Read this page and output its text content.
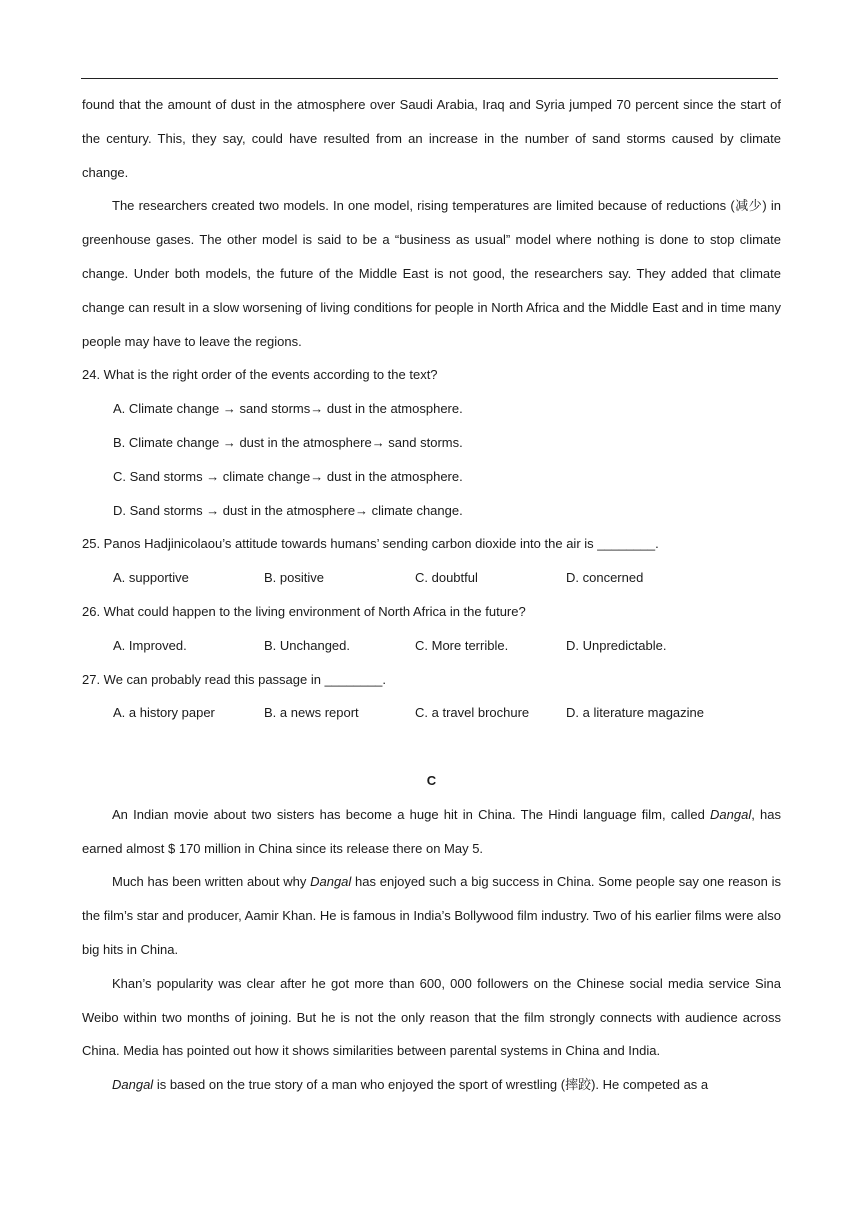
found that the amount of dust in the atmosphere over Saudi Arabia, Iraq and Syria jumped 70 percent since the start of the century. This, they say, could have resulted from an increase in the number of sand storms caused by climate change.

The researchers created two models. In one model, rising temperatures are limited because of reductions (减少) in greenhouse gases. The other model is said to be a “business as usual” model where nothing is done to stop climate change. Under both models, the future of the Middle East is not good, the researchers say. They added that climate change can result in a slow worsening of living conditions for people in North Africa and the Middle East and in time many people may have to leave the regions.

24. What is the right order of the events according to the text?

A. Climate change → sand storms→ dust in the atmosphere.

B. Climate change → dust in the atmosphere→ sand storms.

C. Sand storms → climate change→ dust in the atmosphere.

D. Sand storms → dust in the atmosphere→ climate change.

25. Panos Hadjinicolaou’s attitude towards humans’ sending carbon dioxide into the air is ________.

A. supportive	B. positive	C. doubtful	D. concerned

26. What could happen to the living environment of North Africa in the future?

A. Improved.	B. Unchanged.	C. More terrible.	D. Unpredictable.

27. We can probably read this passage in ________.

A. a history paper	B. a news report	C. a travel brochure	D. a literature magazine

C

An Indian movie about two sisters has become a huge hit in China. The Hindi language film, called Dangal, has earned almost $ 170 million in China since its release there on May 5.

Much has been written about why Dangal has enjoyed such a big success in China. Some people say one reason is the film’s star and producer, Aamir Khan. He is famous in India’s Bollywood film industry. Two of his earlier films were also big hits in China.

Khan’s popularity was clear after he got more than 600, 000 followers on the Chinese social media service Sina Weibo within two months of joining. But he is not the only reason that the film strongly connects with audience across China. Media has pointed out how it shows similarities between parental systems in China and India.

Dangal is based on the true story of a man who enjoyed the sport of wrestling (摔跤). He competed as a
